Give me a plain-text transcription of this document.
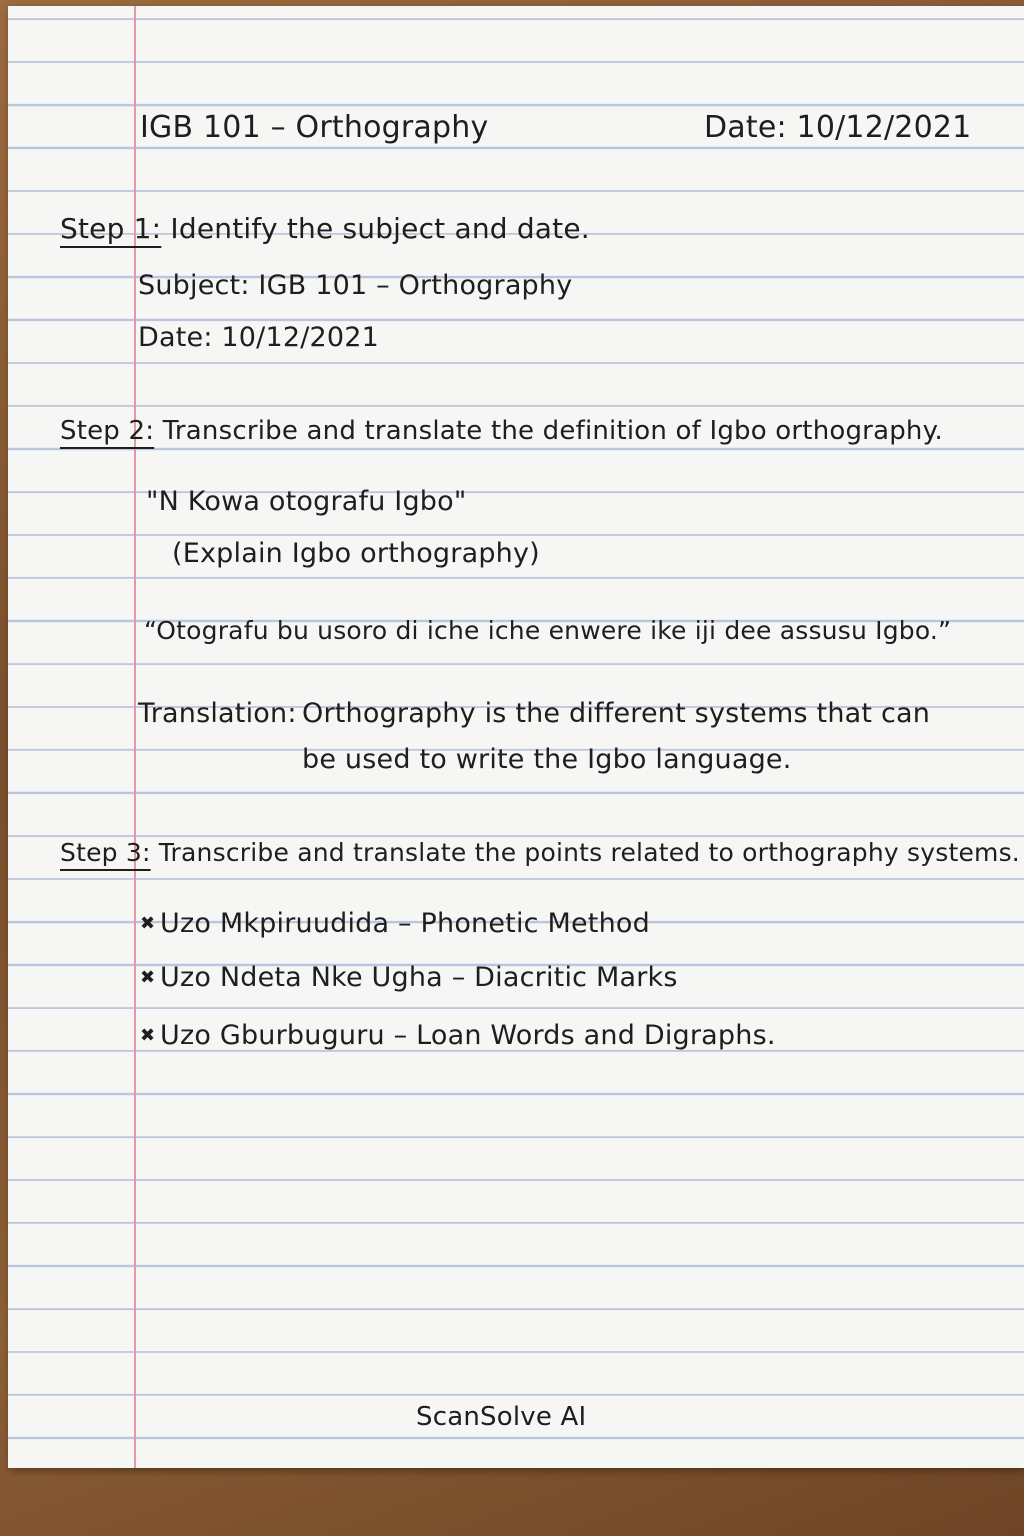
IGB 101 – Orthography	Date: 10/12/2021
Step 1: Identify the subject and date.
Subject: IGB 101 – Orthography
Date: 10/12/2021
Step 2: Transcribe and translate the definition of Igbo orthography.
"N Kowa otografu Igbo"
(Explain Igbo orthography)
“Otografu bu usoro di iche iche enwere ike iji dee assusu Igbo.”
Translation: Orthography is the different systems that can
be used to write the Igbo language.
Step 3: Transcribe and translate the points related to orthography systems.
✖ Uzo Mkpiruudida – Phonetic Method
✖ Uzo Ndeta Nke Ugha – Diacritic Marks
✖ Uzo Gburbuguru – Loan Words and Digraphs.
ScanSolve AI
